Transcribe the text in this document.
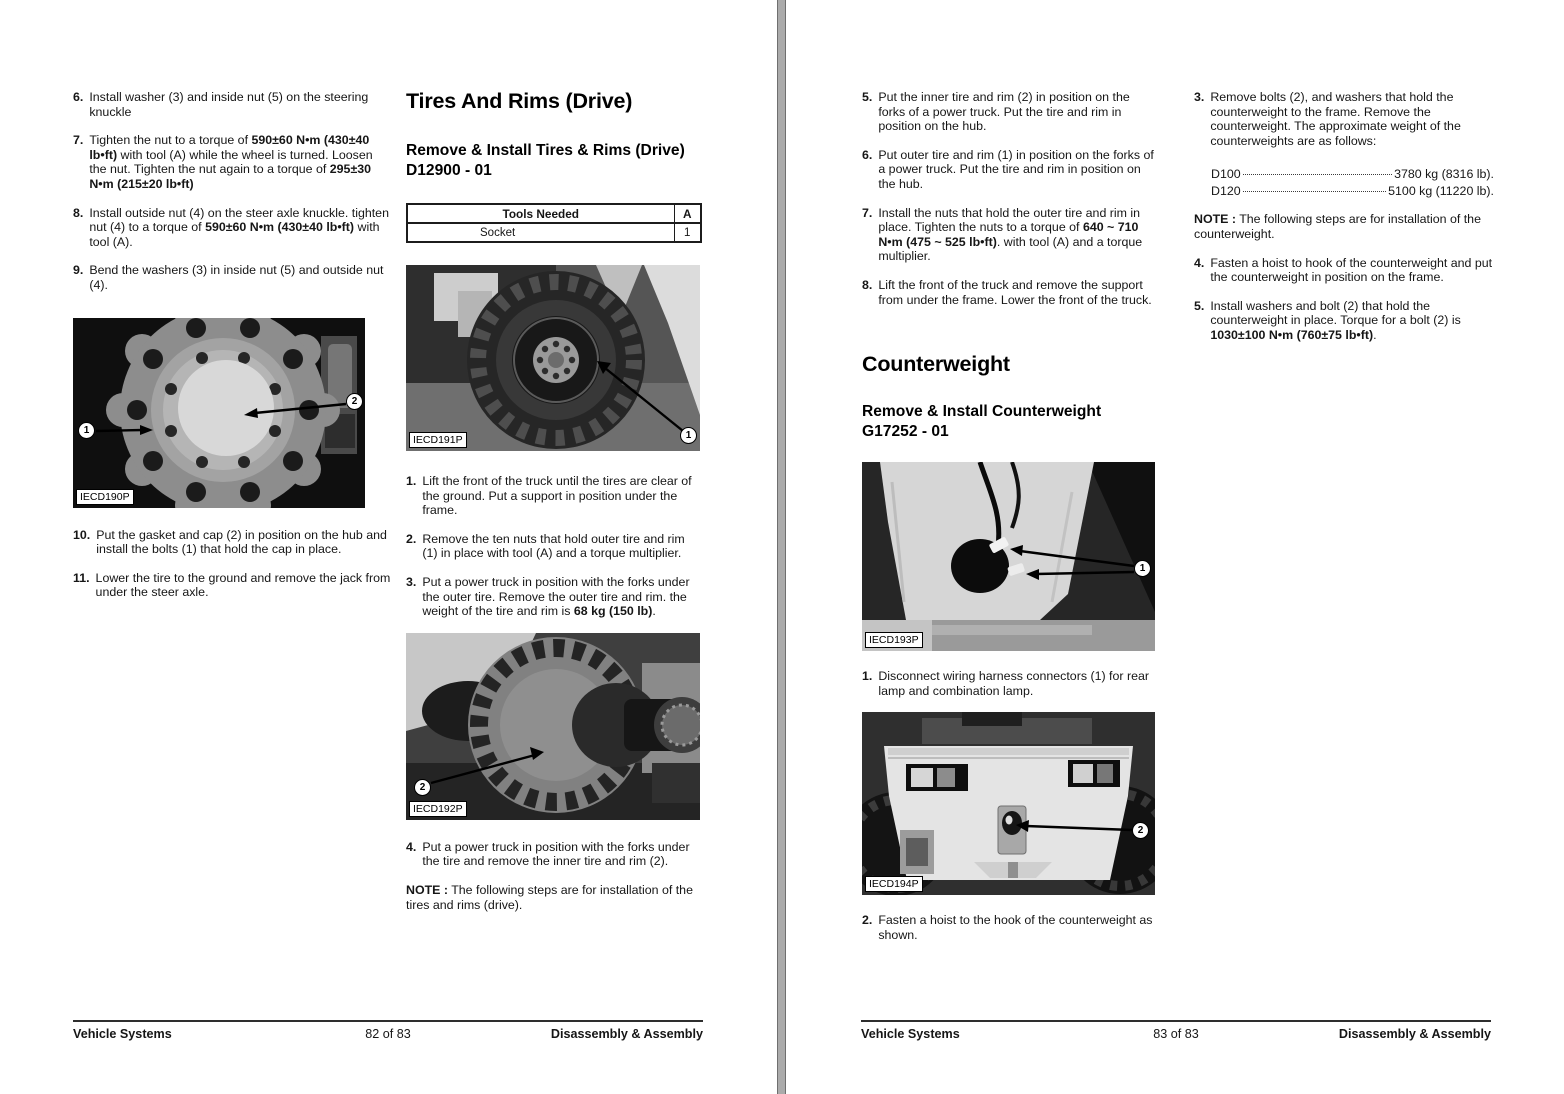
6. Install washer (3) and inside nut (5) on the steering knuckle
7. Tighten the nut to a torque of 590±60 N•m (430±40 lb•ft) with tool (A) while the wheel is turned. Loosen the nut. Tighten the nut again to a torque of 295±30 N•m (215±20 lb•ft)
8. Install outside nut (4) on the steer axle knuckle. tighten nut (4) to a torque of 590±60 N•m (430±40 lb•ft) with tool (A).
9. Bend the washers (3) in inside nut (5) and outside nut (4).
1
2
IECD190P
10. Put the gasket and cap (2) in position on the hub and install the bolts (1) that hold the cap in place.
11. Lower the tire to the ground and remove the jack from under the steer axle.
Tires And Rims (Drive)
Remove & Install Tires & Rims (Drive)  D12900 - 01
Tools Needed	A
Socket	1
1
IECD191P
1. Lift the front of the truck until the tires are clear of the ground. Put a support in position under the frame.
2. Remove the ten nuts that hold outer tire and rim (1) in place with tool (A) and a torque multiplier.
3. Put a power truck in position with the forks under the outer tire. Remove the outer tire and rim. the weight of the tire and rim is 68 kg (150 lb).
2
IECD192P
4. Put a power truck in position with the forks under the tire and remove the inner tire and rim (2).
NOTE : The following steps are for installation of the tires and rims (drive).
Vehicle Systems	82 of 83	Disassembly & Assembly
5. Put the inner tire and rim (2) in position on the forks of a power truck. Put the tire and rim in position on the hub.
6. Put outer tire and rim (1) in position on the forks of a power truck. Put the tire and rim in position on the hub.
7. Install the nuts that hold the outer tire and rim in place. Tighten the nuts to a torque of 640 ~ 710 N•m (475 ~ 525 lb•ft). with tool (A) and a torque multiplier.
8. Lift the front of the truck and remove the support from under the frame. Lower the front of the truck.
Counterweight
Remove & Install Counterweight G17252 - 01
1
IECD193P
1. Disconnect wiring harness connectors (1) for rear lamp and combination lamp.
2
IECD194P
2. Fasten a hoist to the hook of the counterweight as shown.
3. Remove bolts (2), and washers that hold the counterweight to the frame. Remove the counterweight. The approximate weight of the counterweights are as follows:
D100	3780 kg (8316 lb).
D120	5100 kg (11220 lb).
NOTE : The following steps are for installation of the counterweight.
4. Fasten a hoist to hook of the counterweight and put the counterweight in position on the frame.
5. Install washers and bolt (2) that hold the counterweight in place. Torque for a bolt (2) is 1030±100 N•m (760±75 lb•ft).
Vehicle Systems	83 of 83	Disassembly & Assembly
